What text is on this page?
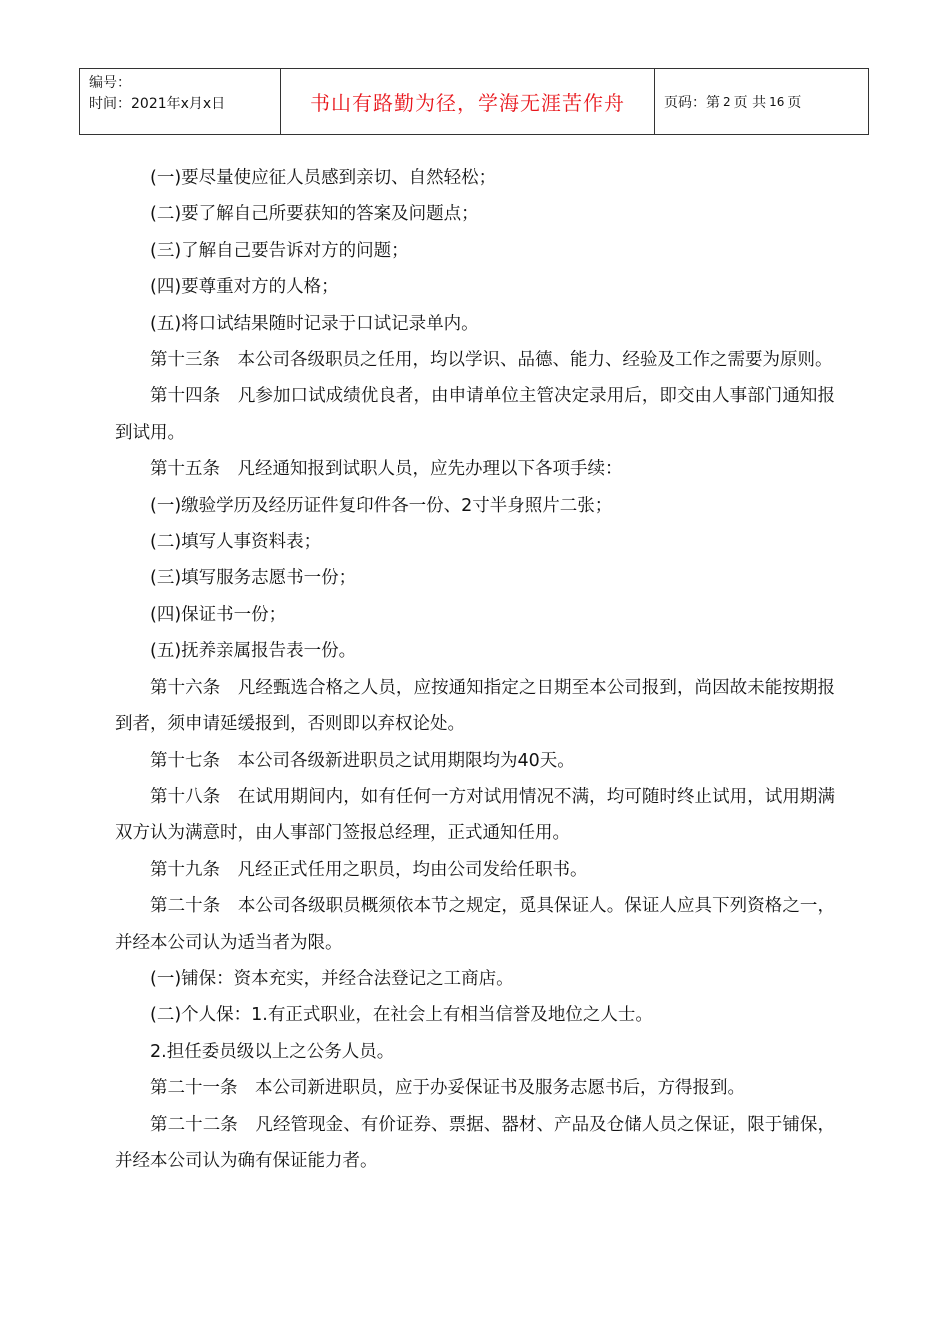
编号：
时间：2021年x月x日	书山有路勤为径，学海无涯苦作舟	页码：第 2 页 共 16 页

(一)要尽量使应征人员感到亲切、自然轻松；

(二)要了解自己所要获知的答案及问题点；

(三)了解自己要告诉对方的问题；

(四)要尊重对方的人格；

(五)将口试结果随时记录于口试记录单内。

第十三条　本公司各级职员之任用，均以学识、品德、能力、经验及工作之需要为原则。

第十四条　凡参加口试成绩优良者，由申请单位主管决定录用后，即交由人事部门通知报到试用。

第十五条　凡经通知报到试职人员，应先办理以下各项手续：

(一)缴验学历及经历证件复印件各一份、2寸半身照片二张；

(二)填写人事资料表；

(三)填写服务志愿书一份；

(四)保证书一份；

(五)抚养亲属报告表一份。

第十六条　凡经甄选合格之人员，应按通知指定之日期至本公司报到，尚因故未能按期报到者，须申请延缓报到，否则即以弃权论处。

第十七条　本公司各级新进职员之试用期限均为40天。

第十八条　在试用期间内，如有任何一方对试用情况不满，均可随时终止试用，试用期满双方认为满意时，由人事部门签报总经理，正式通知任用。

第十九条　凡经正式任用之职员，均由公司发给任职书。

第二十条　本公司各级职员概须依本节之规定，觅具保证人。保证人应具下列资格之一，并经本公司认为适当者为限。

(一)铺保：资本充实，并经合法登记之工商店。

(二)个人保：1.有正式职业，在社会上有相当信誉及地位之人士。

2.担任委员级以上之公务人员。

第二十一条　本公司新进职员，应于办妥保证书及服务志愿书后，方得报到。

第二十二条　凡经管现金、有价证券、票据、器材、产品及仓储人员之保证，限于铺保，并经本公司认为确有保证能力者。
